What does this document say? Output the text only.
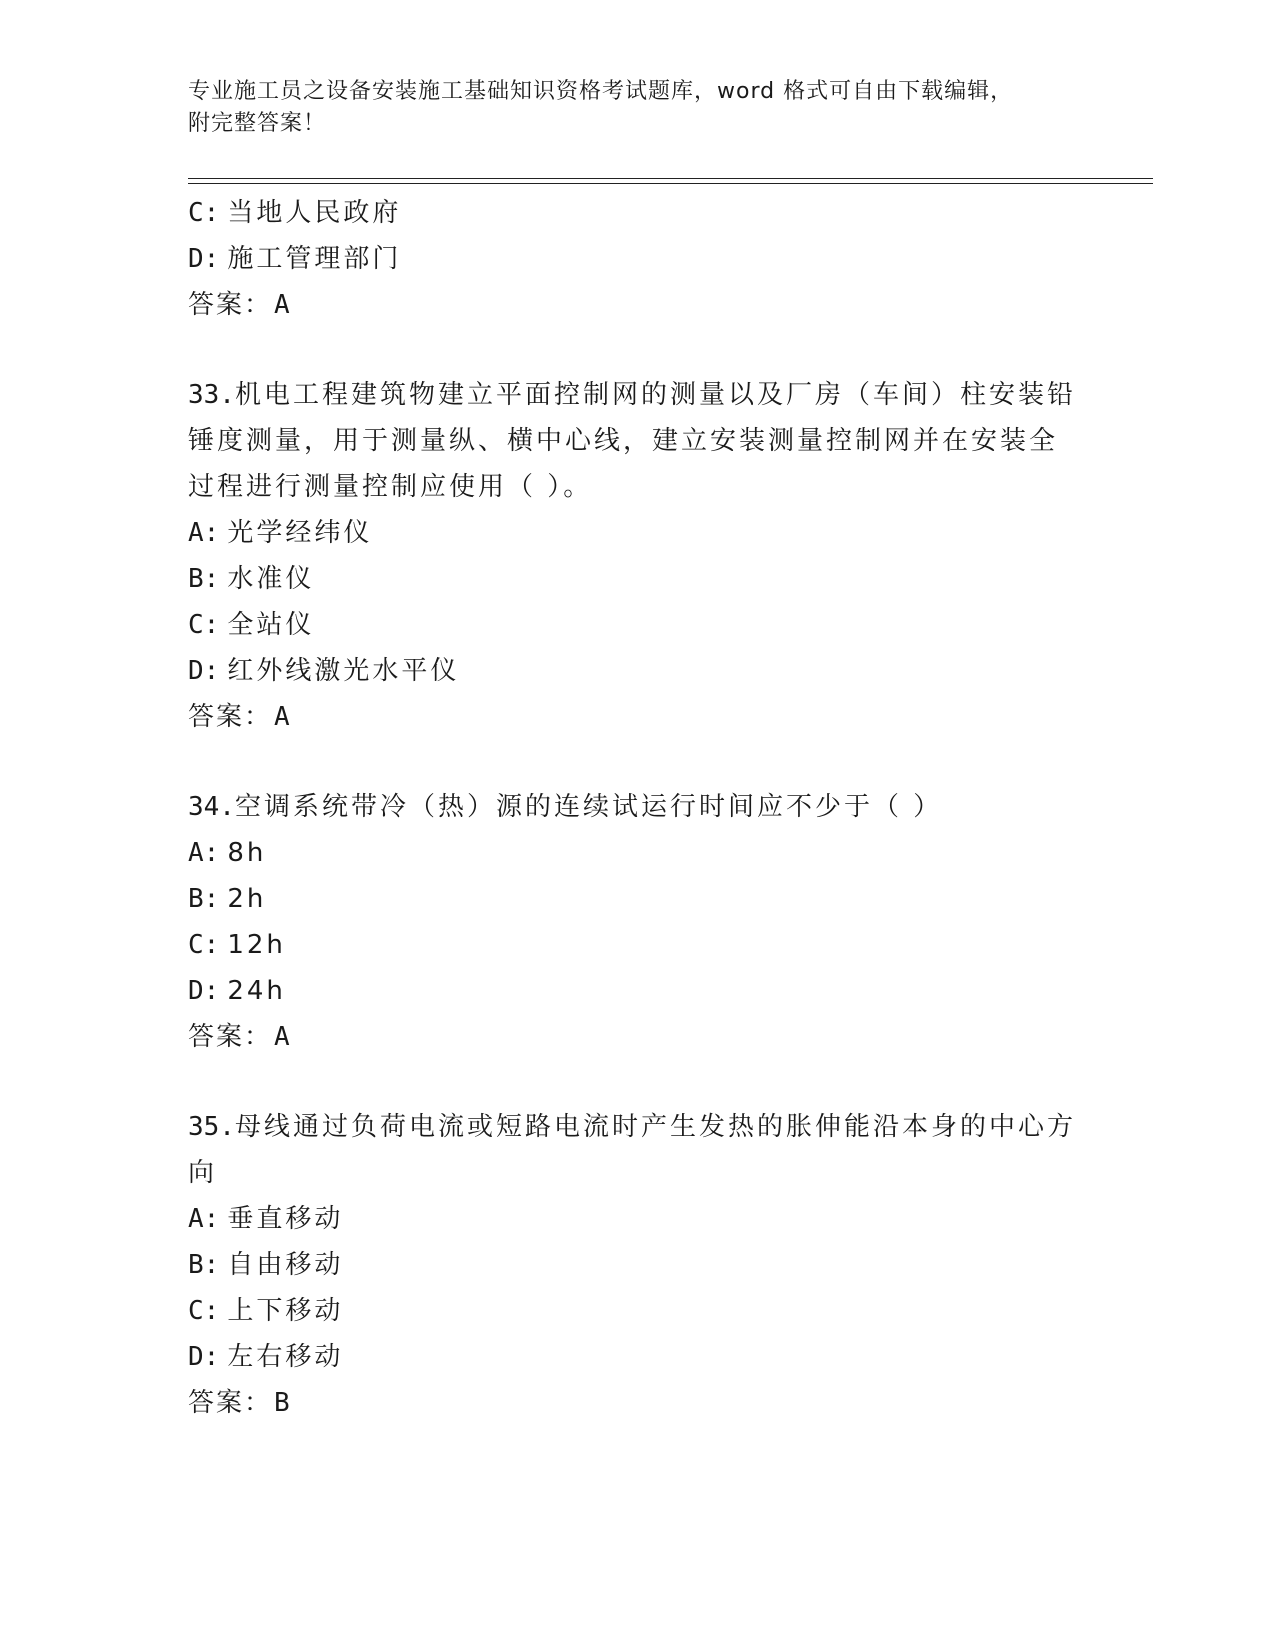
专业施工员之设备安装施工基础知识资格考试题库，word 格式可自由下载编辑，
附完整答案！
C: 当地人民政府
D: 施工管理部门
答案：A
33.机电工程建筑物建立平面控制网的测量以及厂房（车间）柱安装铅
锤度测量，用于测量纵、横中心线，建立安装测量控制网并在安装全
过程进行测量控制应使用（ ）。
A: 光学经纬仪
B: 水准仪
C: 全站仪
D: 红外线激光水平仪
答案：A
34.空调系统带冷（热）源的连续试运行时间应不少于（ ）
A: 8h
B: 2h
C: 12h
D: 24h
答案：A
35.母线通过负荷电流或短路电流时产生发热的胀伸能沿本身的中心方
向
A: 垂直移动
B: 自由移动
C: 上下移动
D: 左右移动
答案：B
